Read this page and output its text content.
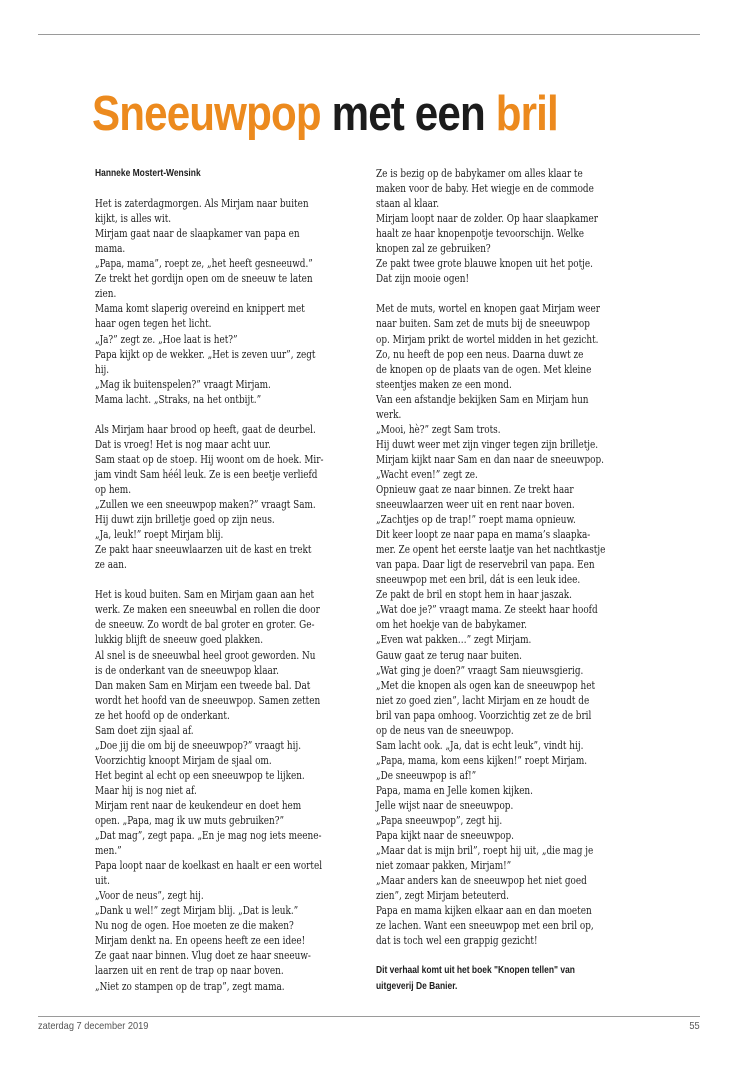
Sneeuwpop met een bril
Hanneke Mostert-Wensink
Het is zaterdagmorgen. Als Mirjam naar buiten
kijkt, is alles wit.
Mirjam gaat naar de slaapkamer van papa en
mama.
„Papa, mama”, roept ze, „het heeft gesneeuwd.”
Ze trekt het gordijn open om de sneeuw te laten
zien.
Mama komt slaperig overeind en knippert met
haar ogen tegen het licht.
„Ja?” zegt ze. „Hoe laat is het?”
Papa kijkt op de wekker. „Het is zeven uur”, zegt
hij.
„Mag ik buitenspelen?” vraagt Mirjam.
Mama lacht. „Straks, na het ontbijt.”
Als Mirjam haar brood op heeft, gaat de deurbel.
Dat is vroeg! Het is nog maar acht uur.
Sam staat op de stoep. Hij woont om de hoek. Mir-
jam vindt Sam héél leuk. Ze is een beetje verliefd
op hem.
„Zullen we een sneeuwpop maken?” vraagt Sam.
Hij duwt zijn brilletje goed op zijn neus.
„Ja, leuk!” roept Mirjam blij.
Ze pakt haar sneeuwlaarzen uit de kast en trekt
ze aan.
Het is koud buiten. Sam en Mirjam gaan aan het
werk. Ze maken een sneeuwbal en rollen die door
de sneeuw. Zo wordt de bal groter en groter. Ge-
lukkig blijft de sneeuw goed plakken.
Al snel is de sneeuwbal heel groot geworden. Nu
is de onderkant van de sneeuwpop klaar.
Dan maken Sam en Mirjam een tweede bal. Dat
wordt het hoofd van de sneeuwpop. Samen zetten
ze het hoofd op de onderkant.
Sam doet zijn sjaal af.
„Doe jij die om bij de sneeuwpop?” vraagt hij.
Voorzichtig knoopt Mirjam de sjaal om.
Het begint al echt op een sneeuwpop te lijken.
Maar hij is nog niet af.
Mirjam rent naar de keukendeur en doet hem
open. „Papa, mag ik uw muts gebruiken?”
„Dat mag”, zegt papa. „En je mag nog iets meene-
men.”
Papa loopt naar de koelkast en haalt er een wortel
uit.
„Voor de neus”, zegt hij.
„Dank u wel!” zegt Mirjam blij. „Dat is leuk.”
Nu nog de ogen. Hoe moeten ze die maken?
Mirjam denkt na. En opeens heeft ze een idee!
Ze gaat naar binnen. Vlug doet ze haar sneeuw-
laarzen uit en rent de trap op naar boven.
„Niet zo stampen op de trap”, zegt mama.
Ze is bezig op de babykamer om alles klaar te
maken voor de baby. Het wiegje en de commode
staan al klaar.
Mirjam loopt naar de zolder. Op haar slaapkamer
haalt ze haar knopenpotje tevoorschijn. Welke
knopen zal ze gebruiken?
Ze pakt twee grote blauwe knopen uit het potje.
Dat zijn mooie ogen!
Met de muts, wortel en knopen gaat Mirjam weer
naar buiten. Sam zet de muts bij de sneeuwpop
op. Mirjam prikt de wortel midden in het gezicht.
Zo, nu heeft de pop een neus. Daarna duwt ze
de knopen op de plaats van de ogen. Met kleine
steentjes maken ze een mond.
Van een afstandje bekijken Sam en Mirjam hun
werk.
„Mooi, hè?” zegt Sam trots.
Hij duwt weer met zijn vinger tegen zijn brilletje.
Mirjam kijkt naar Sam en dan naar de sneeuwpop.
„Wacht even!” zegt ze.
Opnieuw gaat ze naar binnen. Ze trekt haar
sneeuwlaarzen weer uit en rent naar boven.
„Zachtjes op de trap!” roept mama opnieuw.
Dit keer loopt ze naar papa en mama’s slaapka-
mer. Ze opent het eerste laatje van het nachtkastje
van papa. Daar ligt de reservebril van papa. Een
sneeuwpop met een bril, dát is een leuk idee.
Ze pakt de bril en stopt hem in haar jaszak.
„Wat doe je?” vraagt mama. Ze steekt haar hoofd
om het hoekje van de babykamer.
„Even wat pakken…” zegt Mirjam.
Gauw gaat ze terug naar buiten.
„Wat ging je doen?” vraagt Sam nieuwsgierig.
„Met die knopen als ogen kan de sneeuwpop het
niet zo goed zien”, lacht Mirjam en ze houdt de
bril van papa omhoog. Voorzichtig zet ze de bril
op de neus van de sneeuwpop.
Sam lacht ook. „Ja, dat is echt leuk”, vindt hij.
„Papa, mama, kom eens kijken!” roept Mirjam.
„De sneeuwpop is af!”
Papa, mama en Jelle komen kijken.
Jelle wijst naar de sneeuwpop.
„Papa sneeuwpop”, zegt hij.
Papa kijkt naar de sneeuwpop.
„Maar dat is mijn bril”, roept hij uit, „die mag je
niet zomaar pakken, Mirjam!”
„Maar anders kan de sneeuwpop het niet goed
zien”, zegt Mirjam beteuterd.
Papa en mama kijken elkaar aan en dan moeten
ze lachen. Want een sneeuwpop met een bril op,
dat is toch wel een grappig gezicht!
Dit verhaal komt uit het boek "Knopen tellen" van
uitgeverij De Banier.
zaterdag 7 december 2019	55
